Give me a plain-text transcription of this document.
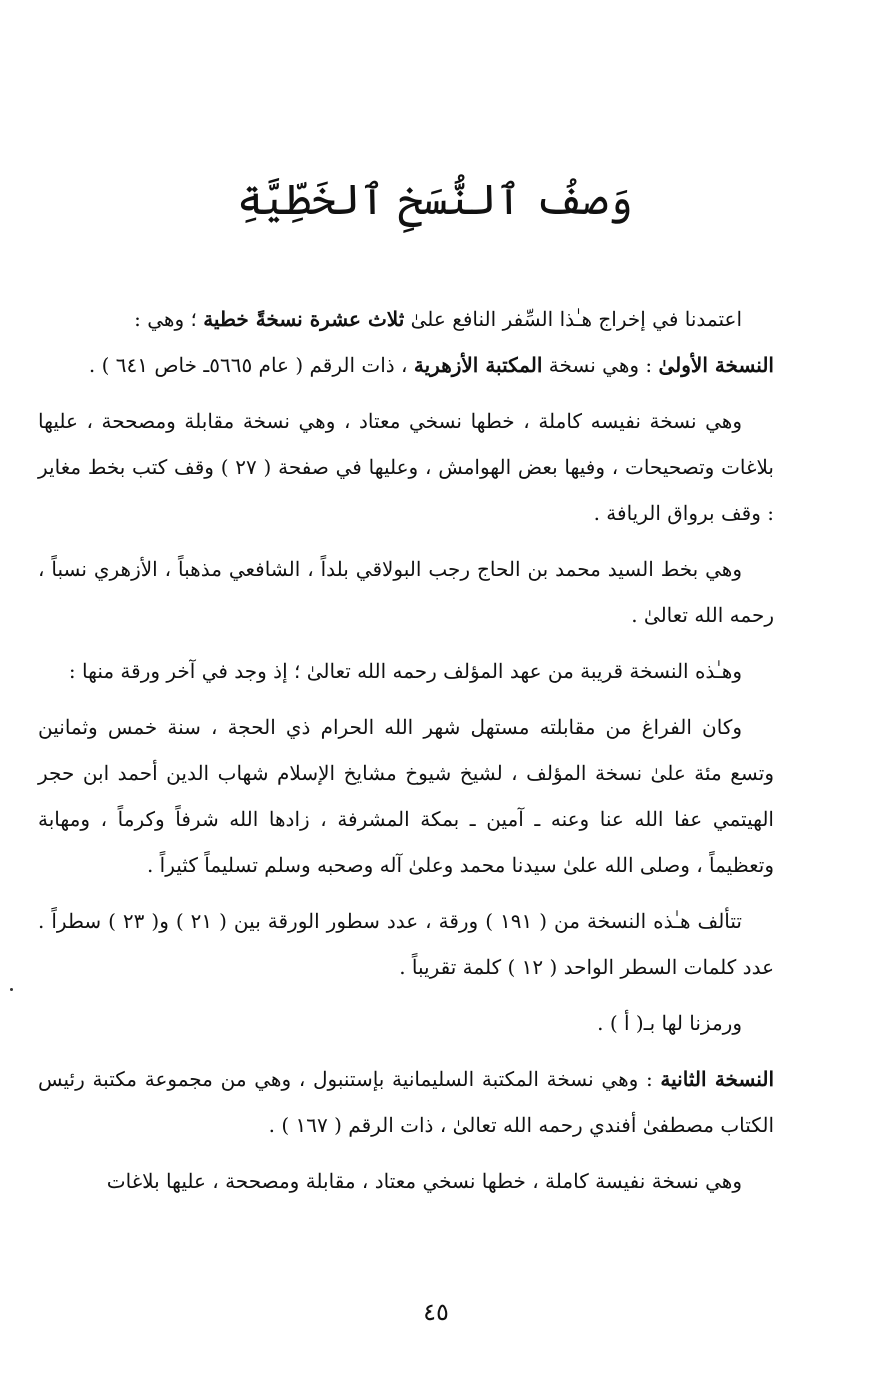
وَصفُ ٱلنُّسَخِ ٱلخَطِّيَّةِ

اعتمدنا في إخراج هـٰذا السِّفر النافع علىٰ ثلاث عشرة نسخةً خطية ؛ وهي :

النسخة الأولىٰ : وهي نسخة المكتبة الأزهرية ، ذات الرقم ( عام ٥٦٦٥ـ خاص ٦٤١ ) .

وهي نسخة نفيسه كاملة ، خطها نسخي معتاد ، وهي نسخة مقابلة ومصححة ، عليها بلاغات وتصحيحات ، وفيها بعض الهوامش ، وعليها في صفحة ( ٢٧ ) وقف كتب بخط مغاير : وقف برواق الريافة .

وهي بخط السيد محمد بن الحاج رجب البولاقي بلداً ، الشافعي مذهباً ، الأزهري نسباً ، رحمه الله تعالىٰ .

وهـٰذه النسخة قريبة من عهد المؤلف رحمه الله تعالىٰ ؛ إذ وجد في آخر ورقة منها :

وكان الفراغ من مقابلته مستهل شهر الله الحرام ذي الحجة ، سنة خمس وثمانين وتسع مئة علىٰ نسخة المؤلف ، لشيخ شيوخ مشايخ الإسلام شهاب الدين أحمد ابن حجر الهيتمي عفا الله عنا وعنه ـ آمين ـ بمكة المشرفة ، زادها الله شرفاً وكرماً ، ومهابة وتعظيماً ، وصلى الله علىٰ سيدنا محمد وعلىٰ آله وصحبه وسلم تسليماً كثيراً .

تتألف هـٰذه النسخة من ( ١٩١ ) ورقة ، عدد سطور الورقة بين ( ٢١ ) و( ٢٣ ) سطراً . عدد كلمات السطر الواحد ( ١٢ ) كلمة تقريباً .

ورمزنا لها بـ( أ ) .

النسخة الثانية : وهي نسخة المكتبة السليمانية بإستنبول ، وهي من مجموعة مكتبة رئيس الكتاب مصطفىٰ أفندي رحمه الله تعالىٰ ، ذات الرقم ( ١٦٧ ) .

وهي نسخة نفيسة كاملة ، خطها نسخي معتاد ، مقابلة ومصححة ، عليها بلاغات

٤٥
